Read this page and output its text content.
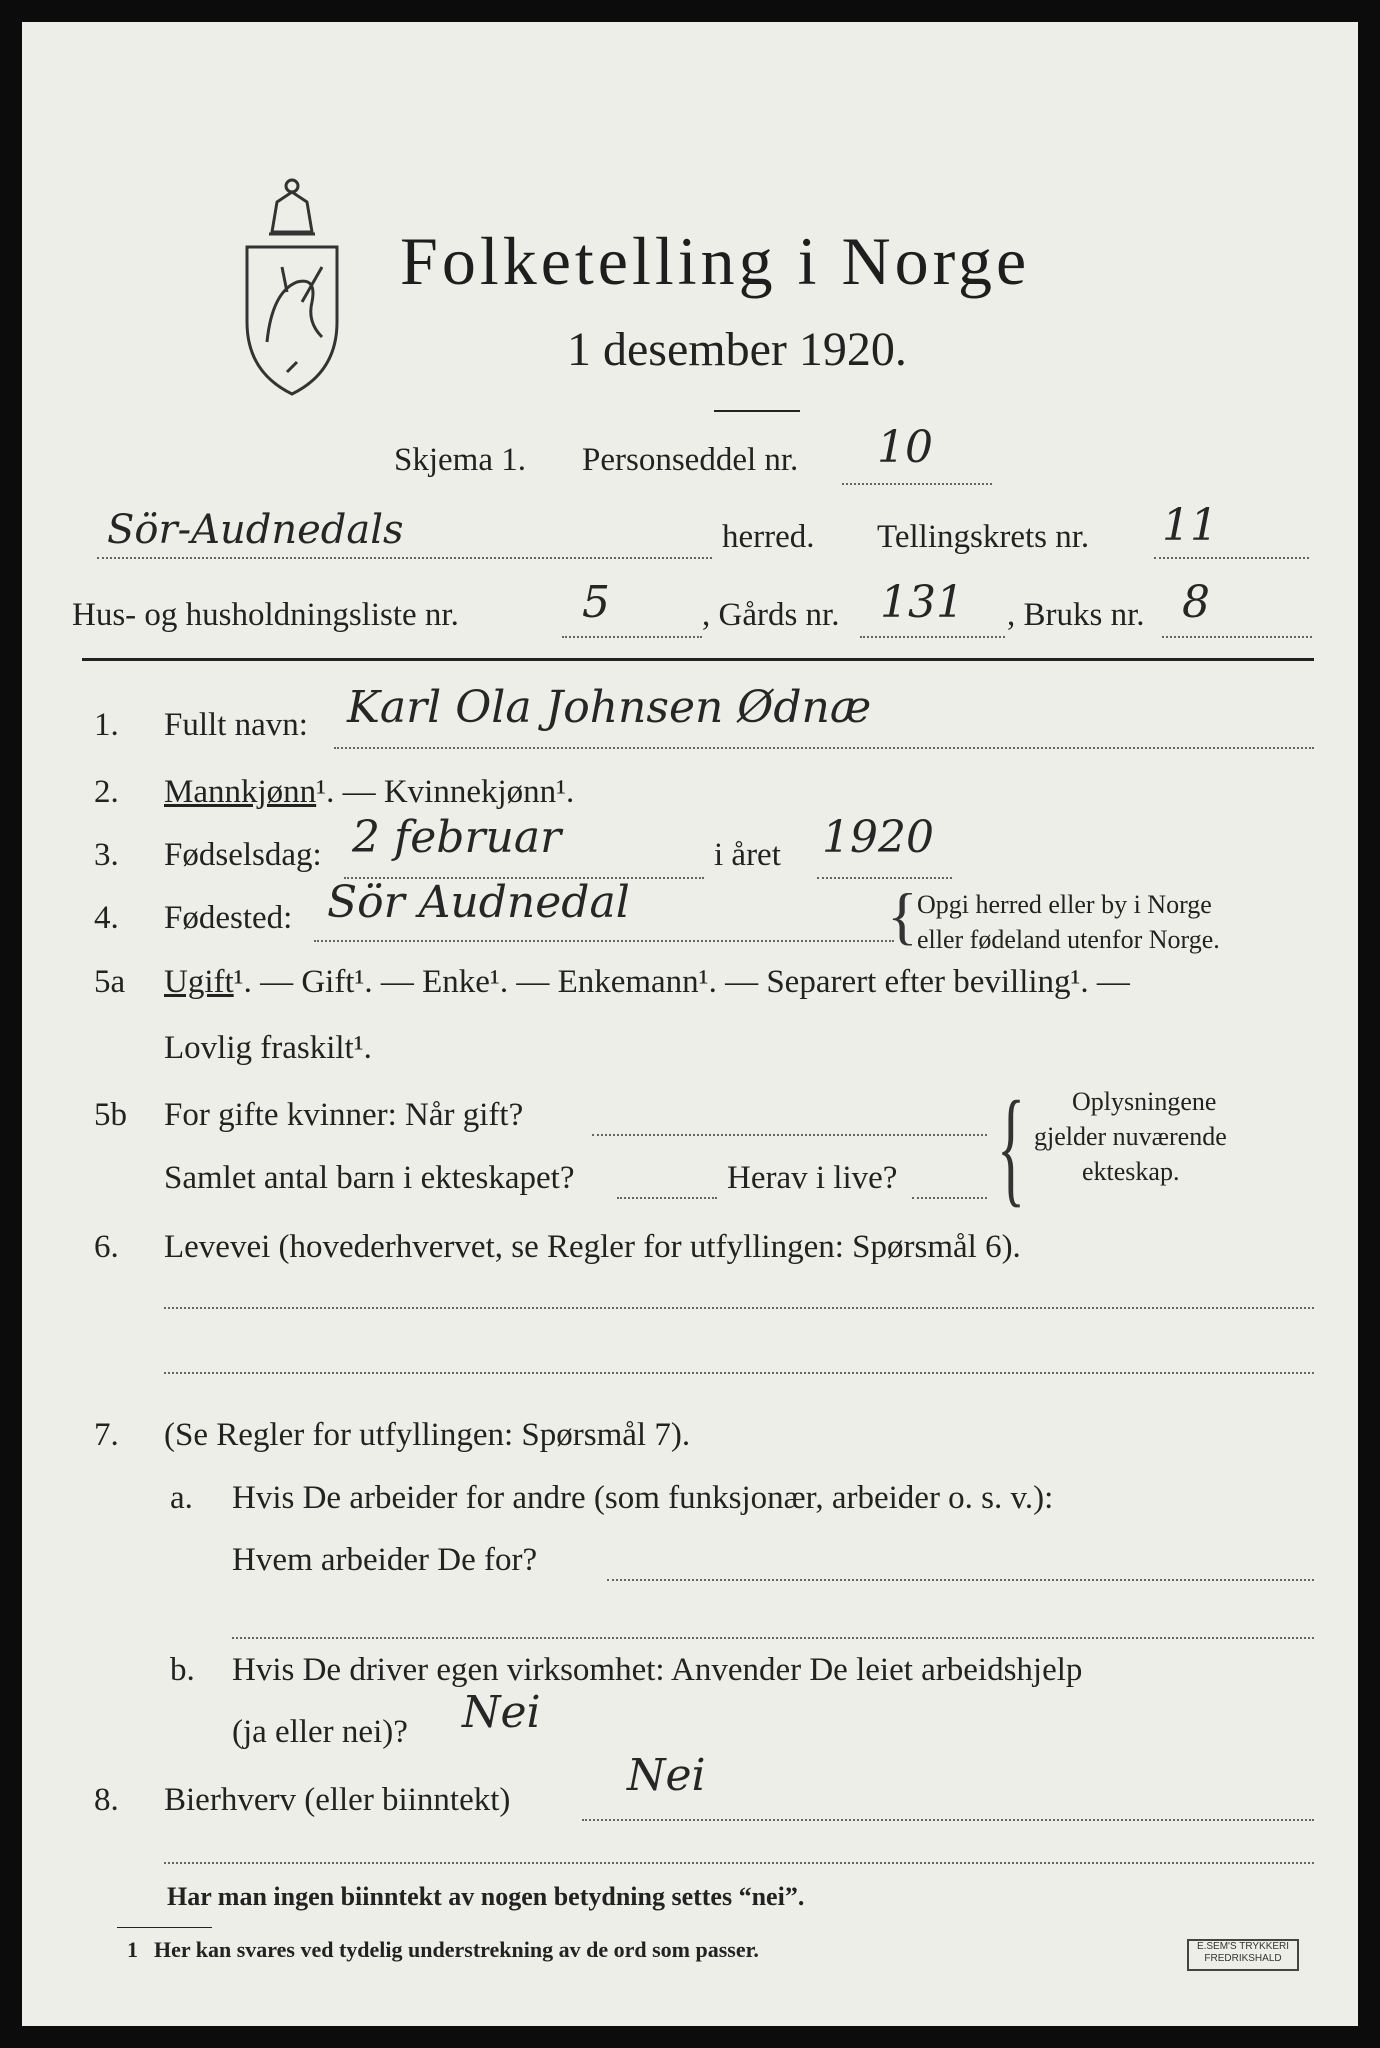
Folketelling i Norge
1 desember 1920.
Skjema 1. Personseddel nr. 10
Sör-Audnedals	herred. Tellingskrets nr. 11
Hus- og husholdningsliste nr.	5	, Gårds nr. 131 , Bruks nr. 8
1. Fullt navn: Karl Ola Johnsen Ødnæ
2. Mannkjønn¹. — Kvinnekjønn¹.
3. Fødselsdag: 2 februar	i året 1920
4. Fødested: Sör Audnedal	{ Opgi herred eller by i Norge
eller fødeland utenfor Norge.
5a Ugift¹. — Gift¹. — Enke¹. — Enkemann¹. — Separert efter bevilling¹. —
Lovlig fraskilt¹.
5b For gifte kvinner: Når gift?
Samlet antal barn i ekteskapet?	Herav i live? { Oplysningene
gjelder nuværende
ekteskap.
6. Levevei (hovederhvervet, se Regler for utfyllingen: Spørsmål 6).
7. (Se Regler for utfyllingen: Spørsmål 7).
a. Hvis De arbeider for andre (som funksjonær, arbeider o. s. v.):
Hvem arbeider De for?
b. Hvis De driver egen virksomhet: Anvender De leiet arbeidshjelp
(ja eller nei)? Nei
8. Bierhverv (eller biinntekt)	Nei
Har man ingen biinntekt av nogen betydning settes “nei”.
1 Her kan svares ved tydelig understrekning av de ord som passer.	E.SEM'S TRYKKERI
FREDRIKSHALD
